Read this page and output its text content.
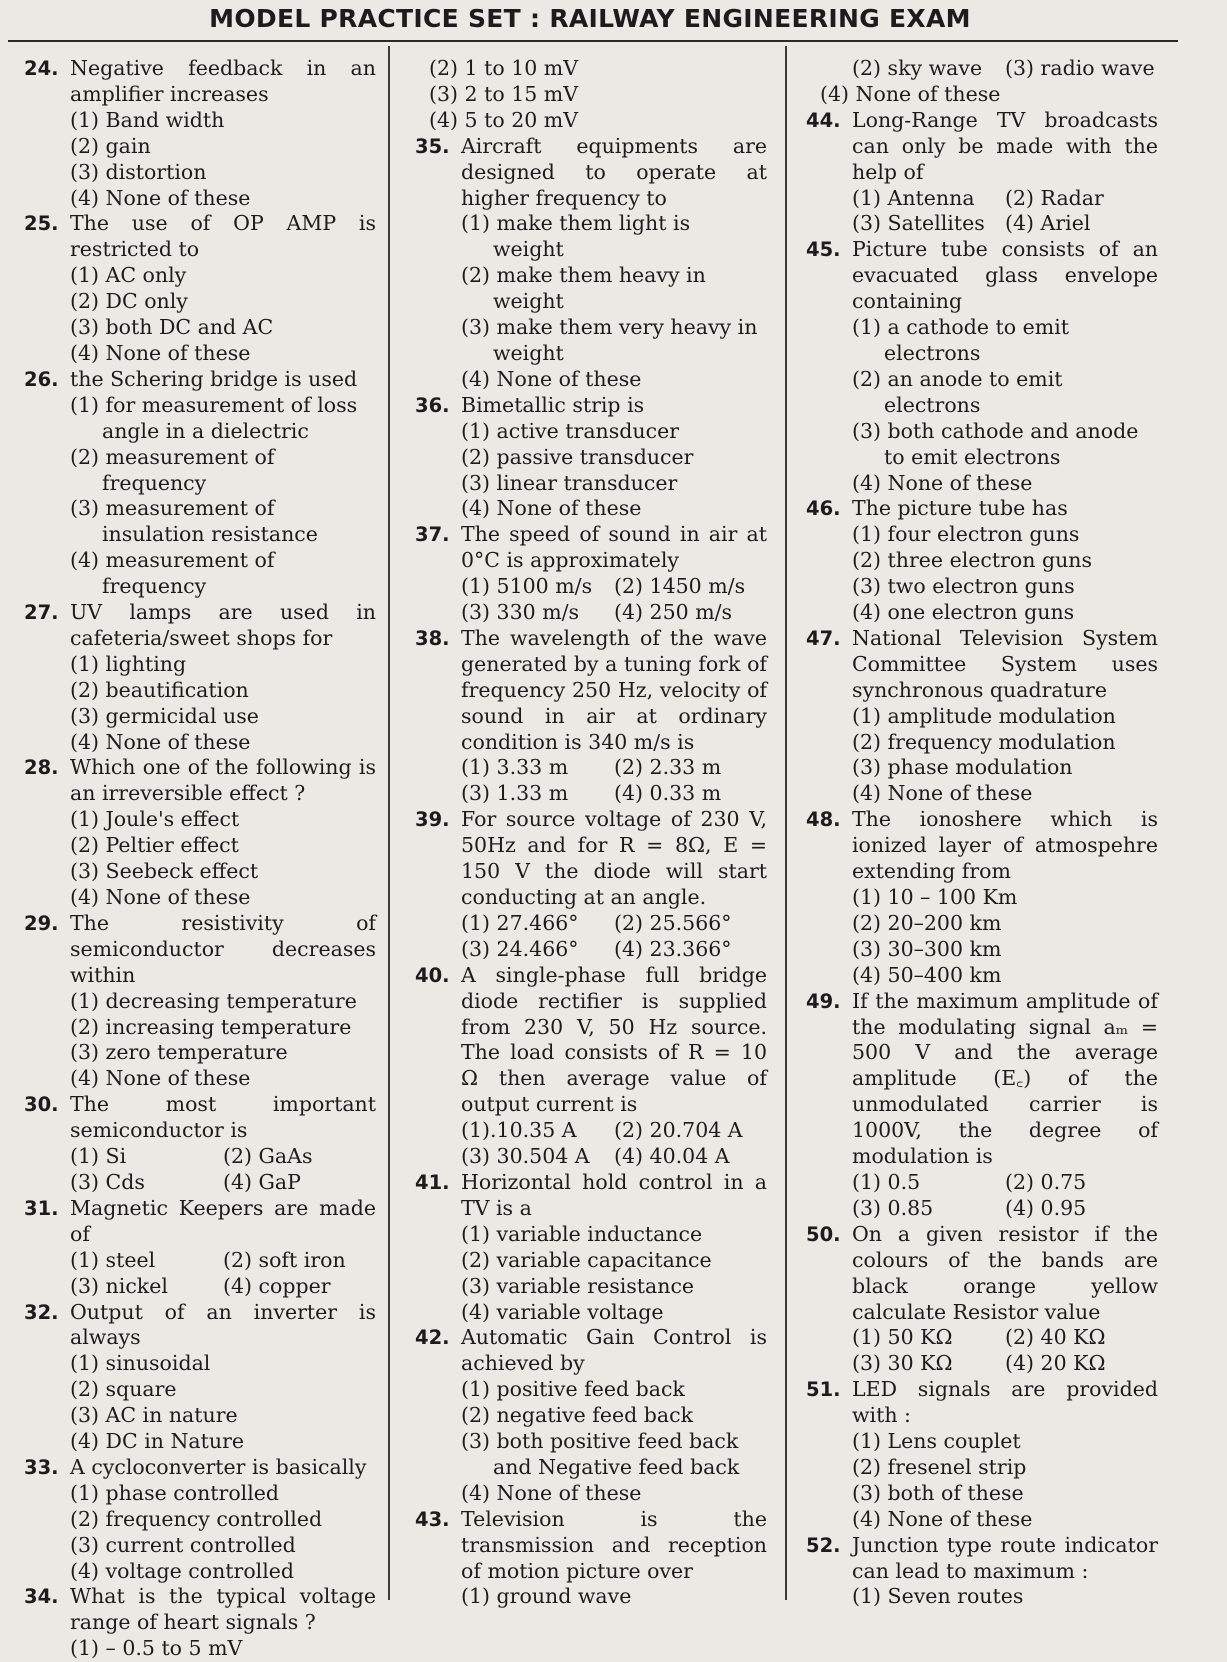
MODEL PRACTICE SET : RAILWAY ENGINEERING EXAM
24. Negative feedback in an amplifier increases
(1) Band width
(2) gain
(3) distortion
(4) None of these
25. The use of OP AMP is restricted to
(1) AC only
(2) DC only
(3) both DC and AC
(4) None of these
26. the Schering bridge is used
(1) for measurement of loss angle in a dielectric
(2) measurement of frequency
(3) measurement of insulation resistance
(4) measurement of frequency
27. UV lamps are used in cafeteria/sweet shops for
(1) lighting
(2) beautification
(3) germicidal use
(4) None of these
28. Which one of the following is an irreversible effect ?
(1) Joule's effect
(2) Peltier effect
(3) Seebeck effect
(4) None of these
29. The resistivity of semiconductor decreases within
(1) decreasing temperature
(2) increasing temperature
(3) zero temperature
(4) None of these
30. The most important semiconductor is
(1) Si	(2) GaAs
(3) Cds	(4) GaP
31. Magnetic Keepers are made of
(1) steel	(2) soft iron
(3) nickel	(4) copper
32. Output of an inverter is always
(1) sinusoidal
(2) square
(3) AC in nature
(4) DC in Nature
33. A cycloconverter is basically
(1) phase controlled
(2) frequency controlled
(3) current controlled
(4) voltage controlled
34. What is the typical voltage range of heart signals ?
(1) – 0.5 to 5 mV
(2) 1 to 10 mV
(3) 2 to 15 mV
(4) 5 to 20 mV
35. Aircraft equipments are designed to operate at higher frequency to
(1) make them light is weight
(2) make them heavy in weight
(3) make them very heavy in weight
(4) None of these
36. Bimetallic strip is
(1) active transducer
(2) passive transducer
(3) linear transducer
(4) None of these
37. The speed of sound in air at 0°C is approximately
(1) 5100 m/s	(2) 1450 m/s
(3) 330 m/s	(4) 250 m/s
38. The wavelength of the wave generated by a tuning fork of frequency 250 Hz, velocity of sound in air at ordinary condition is 340 m/s is
(1) 3.33 m	(2) 2.33 m
(3) 1.33 m	(4) 0.33 m
39. For source voltage of 230 V, 50Hz and for R = 8Ω, E = 150 V the diode will start conducting at an angle.
(1) 27.466°	(2) 25.566°
(3) 24.466°	(4) 23.366°
40. A single-phase full bridge diode rectifier is supplied from 230 V, 50 Hz source. The load consists of R = 10 Ω then average value of output current is
(1).10.35 A	(2) 20.704 A
(3) 30.504 A	(4) 40.04 A
41. Horizontal hold control in a TV is a
(1) variable inductance
(2) variable capacitance
(3) variable resistance
(4) variable voltage
42. Automatic Gain Control is achieved by
(1) positive feed back
(2) negative feed back
(3) both positive feed back and Negative feed back
(4) None of these
43. Television is the transmission and reception of motion picture over
(1) ground wave
(2) sky wave	(3) radio wave
(4) None of these
44. Long-Range TV broadcasts can only be made with the help of
(1) Antenna	(2) Radar
(3) Satellites (4) Ariel
45. Picture tube consists of an evacuated glass envelope containing
(1) a cathode to emit electrons
(2) an anode to emit electrons
(3) both cathode and anode to emit electrons
(4) None of these
46. The picture tube has
(1) four electron guns
(2) three electron guns
(3) two electron guns
(4) one electron guns
47. National Television System Committee System uses synchronous quadrature
(1) amplitude modulation
(2) frequency modulation
(3) phase modulation
(4) None of these
48. The ionoshere which is ionized layer of atmospehre extending from
(1) 10 – 100 Km
(2) 20–200 km
(3) 30–300 km
(4) 50–400 km
49. If the maximum amplitude of the modulating signal aₘ = 500 V and the average amplitude (E꜀) of the unmodulated carrier is 1000V, the degree of modulation is
(1) 0.5	(2) 0.75
(3) 0.85	(4) 0.95
50. On a given resistor if the colours of the bands are black orange yellow calculate Resistor value
(1) 50 KΩ	(2) 40 KΩ
(3) 30 KΩ	(4) 20 KΩ
51. LED signals are provided with :
(1) Lens couplet
(2) fresenel strip
(3) both of these
(4) None of these
52. Junction type route indicator can lead to maximum :
(1) Seven routes
